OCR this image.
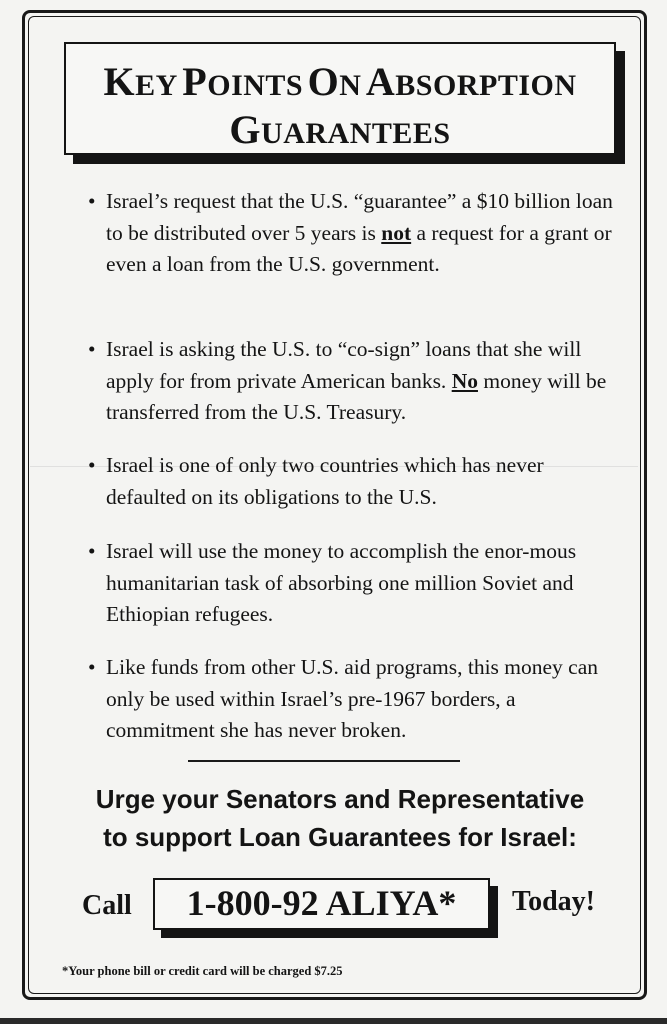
KEY POINTS ON ABSORPTION
GUARANTEES
• Israel’s request that the U.S. “guarantee” a $10 billion loan to be distributed over 5 years is not a request for a grant or even a loan from the U.S. government.
• Israel is asking the U.S. to “co-sign” loans that she will apply for from private American banks. No money will be transferred from the U.S. Treasury.
• Israel is one of only two countries which has never defaulted on its obligations to the U.S.
• Israel will use the money to accomplish the enor-mous humanitarian task of absorbing one million Soviet and Ethiopian refugees.
• Like funds from other U.S. aid programs, this money can only be used within Israel’s pre-1967 borders, a commitment she has never broken.
Urge your Senators and Representative
to support Loan Guarantees for Israel:
Call	1-800-92 ALIYA*	Today!
*Your phone bill or credit card will be charged $7.25
